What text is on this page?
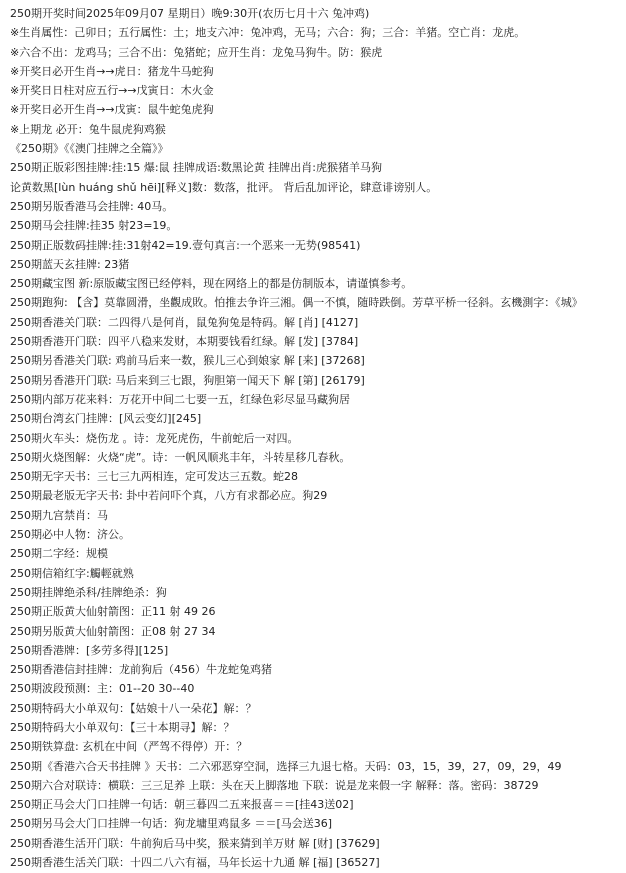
250期开奖时间2025年09月07 星期日）晚9:30开(农历七月十六 兔冲鸡)
※生肖属性：己卯日；五行属性：土；地支六冲：兔冲鸡，无马；六合：狗；三合：羊猪。空亡肖：龙虎。
※六合不出：龙鸡马；三合不出：兔猪蛇；应开生肖：龙兔马狗牛。防：猴虎
※开奖日必开生肖→→虎日：猪龙牛马蛇狗
※开奖日日柱对应五行→→戊寅日：木火金
※开奖日必开生肖→→戊寅：鼠牛蛇兔虎狗
※上期龙 必开：兔牛鼠虎狗鸡猴
《250期》《《澳门挂牌之全篇》》
250期正版彩图挂牌:挂:15 爆:鼠 挂牌成语:数黑论黄 挂牌出肖:虎猴猪羊马狗
论黄数黑[lùn huáng shǔ hēi][释义]数：数落，批评。 背后乱加评论，肆意诽谤别人。
250期另版香港马会挂牌: 40马。
250期马会挂牌:挂35 射23=19。
250期正版数码挂牌:挂:31射42=19.壹句真言:一个恶来一无势(98541)
250期蓝天玄挂牌: 23猪
250期藏宝图 新:原版藏宝图已经停料，现在网络上的都是仿制版本，请谨慎参考。
250期跑狗: 【含】莫靠圆滑，坐觀成敗。怕推去争许三湘。偶一不慎，随時跌倒。芳草平桥一径斜。玄機測字：《城》
250期香港关门联：二四得八是何肖，鼠兔狗兔是特码。解 [肖] [4127]
250期香港开门联：四平八稳来发财，本期要钱看红绿。解 [发] [3784]
250期另香港关门联: 鸡前马后来一数，猴儿三心到娘家 解 [来] [37268]
250期另香港开门联: 马后来到三七跟，狗胆第一闻天下 解 [第] [26179]
250期内部万花来料：万花开中间二七要一五，红绿色彩尽显马藏狗居
250期台湾玄门挂牌：[风云变幻][245]
250期火车头：烧伤龙 。诗：龙死虎伤，牛前蛇后一对四。
250期火烧图解：火烧“虎”。诗：一帆风顺兆丰年，斗转星移几春秋。
250期无字天书：三七三九两相连，定可发达三五数。蛇28
250期最老版无字天书: 卦中若问吓个真，八方有求都必应。狗29
250期九宫禁肖：马
250期必中人物：济公。
250期二字经：规模
250期信箱红字:觸輕就熟
250期挂牌绝杀科/挂牌绝杀：狗
250期正版黄大仙射箭图：正11 射 49 26
250期另版黄大仙射箭图：正08 射 27 34
250期香港牌：[多劳多得][125]
250期香港信封挂牌：龙前狗后（456）牛龙蛇兔鸡猪
250期波段预测：主：01--20 30--40
250期特码大小单双句：【姑娘十八一朵花】解：？
250期特码大小单双句：【三十本期寻】解：？
250期铁算盘: 玄机在中间（严驾不得停）开：？
250期《香港六合天书挂牌 》天书：二六邪恶穿空洞，选择三九退七格。天码：03，15，39，27，09，29，49
250期六合对联诗：横联：三三足养 上联：头在天上脚落地 下联：说是龙来假一字 解释：落。密码：38729
250期正马会大门口挂牌一句话：朝三暮四二五来报喜＝＝[挂43送02]
250期另马会大门口挂牌一句话：狗龙墉里鸡鼠多 ＝＝[马会送36]
250期香港生活开门联：牛前狗后马中奖，猴来猜到羊万财 解 [财] [37629]
250期香港生活关门联：十四二八六有福，马年长运十九通 解 [福] [36527]
